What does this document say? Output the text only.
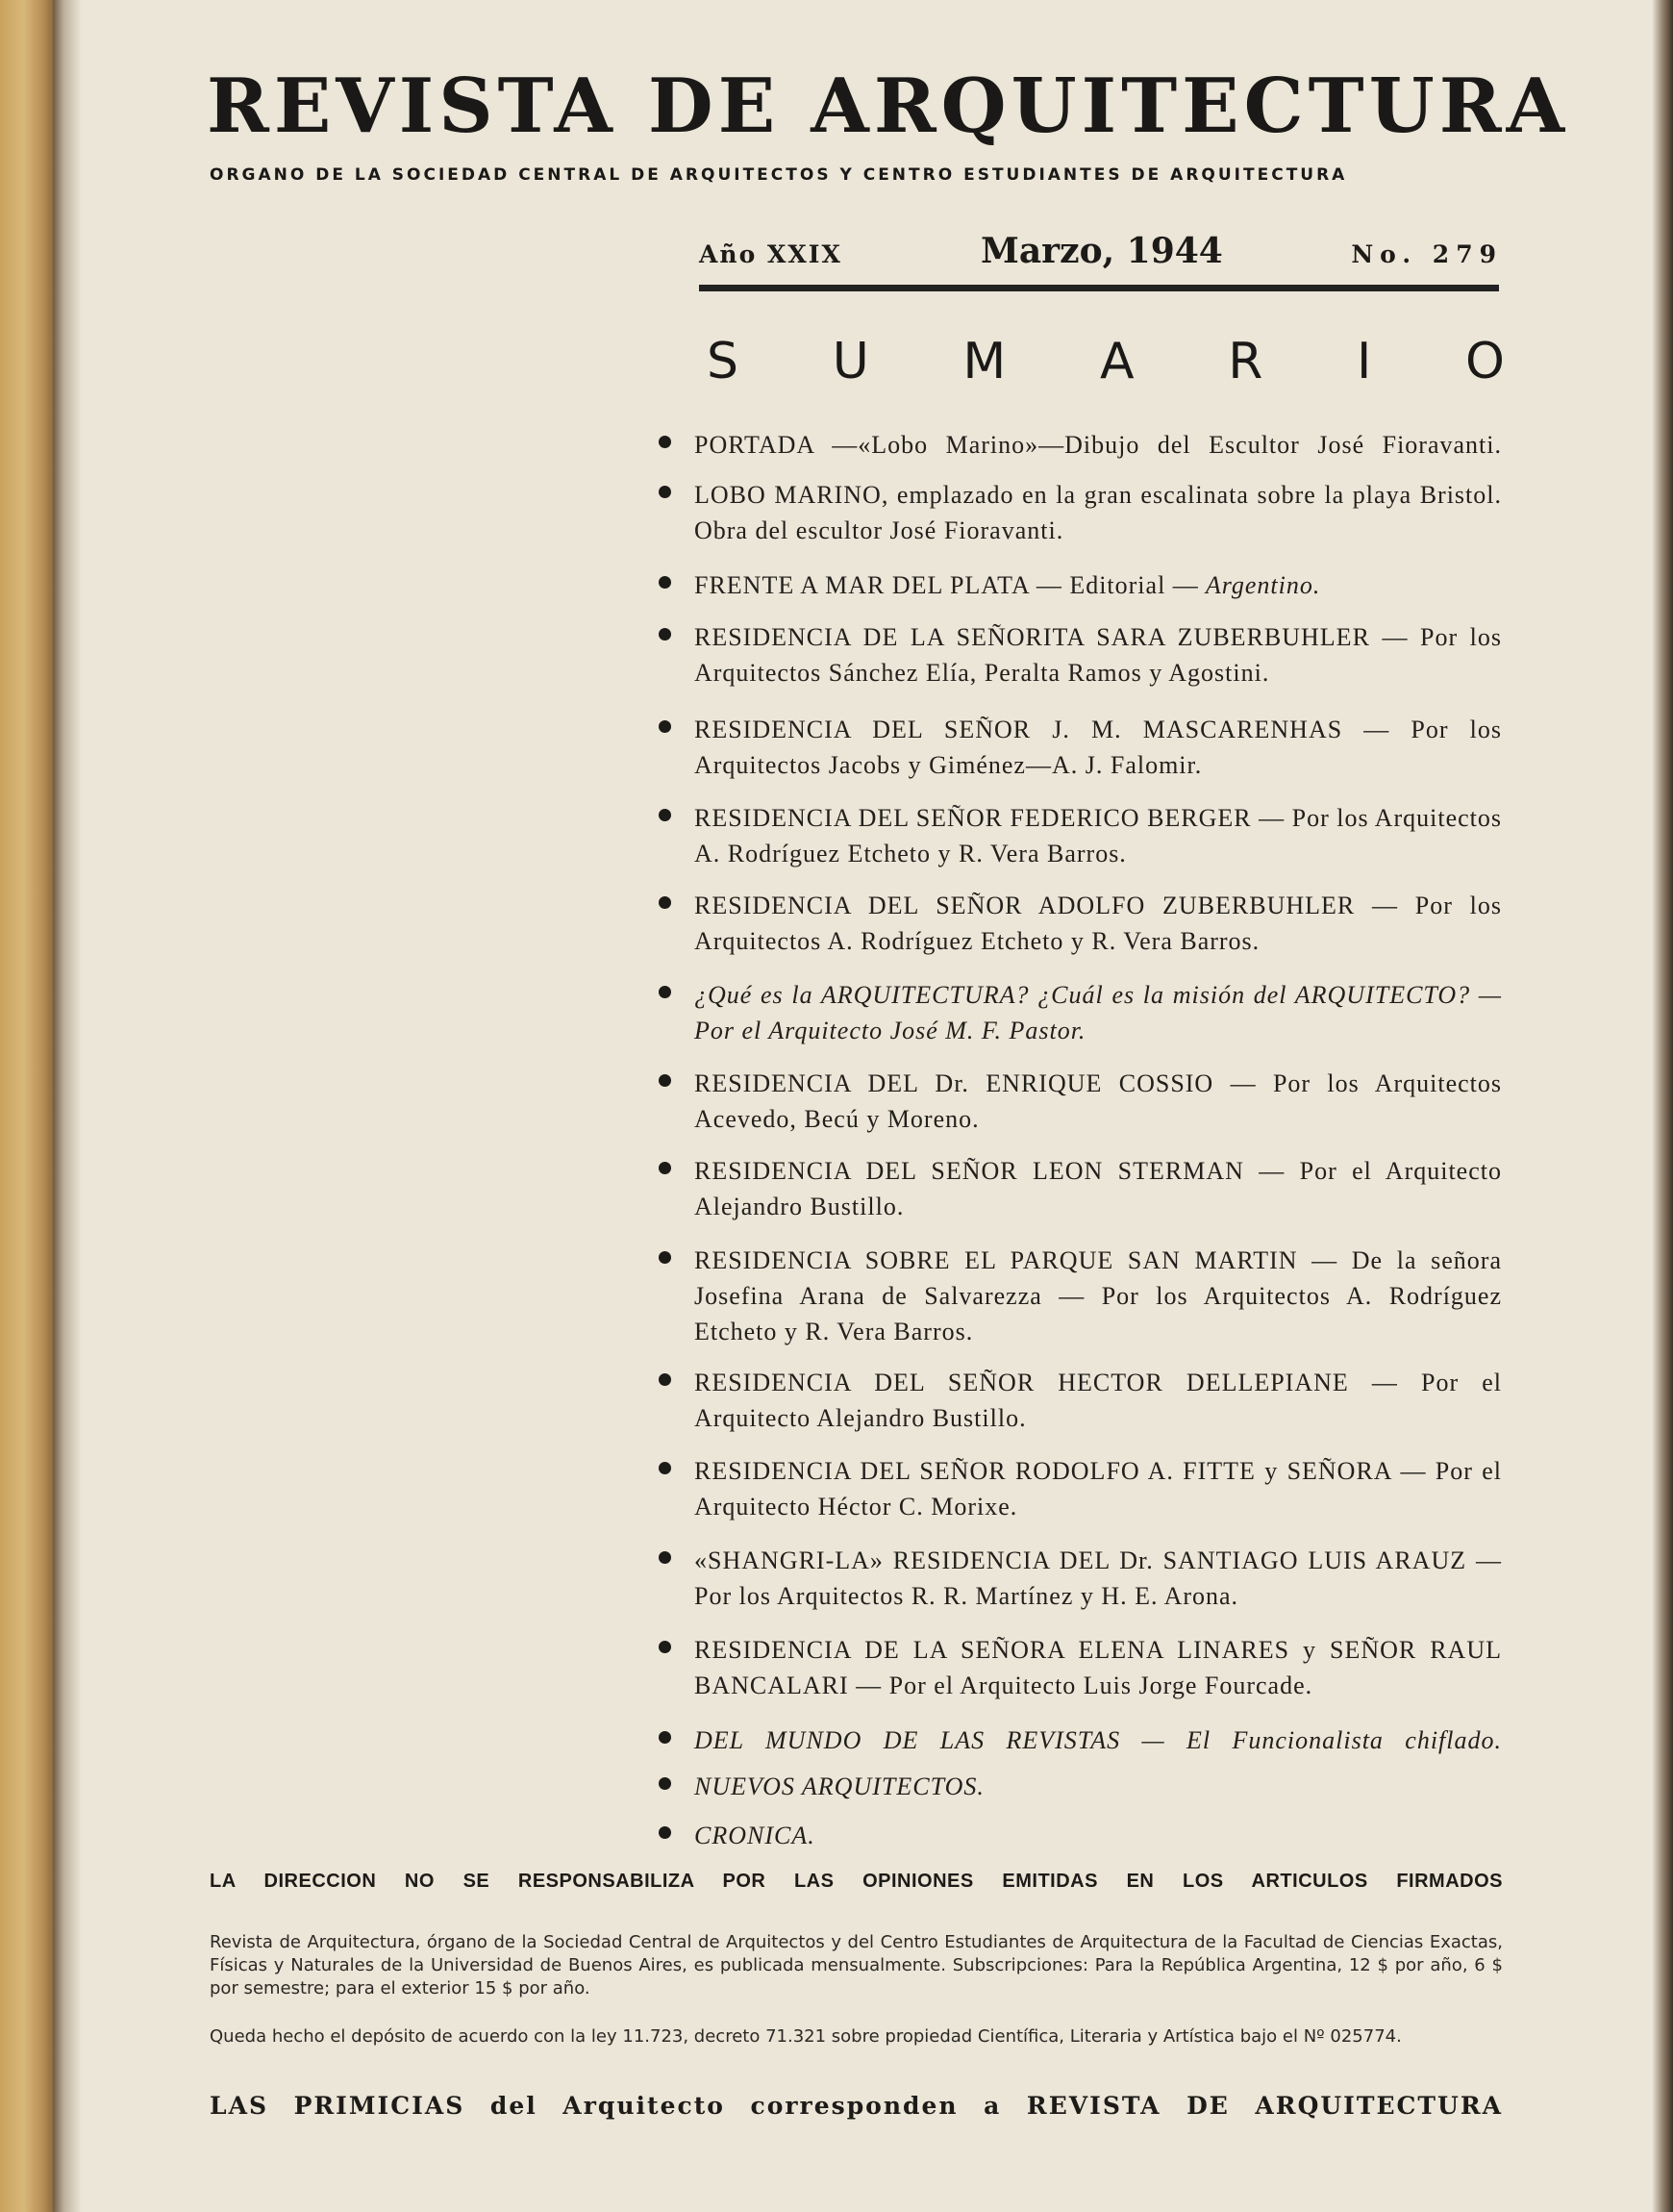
REVISTA DE ARQUITECTURA
ORGANO DE LA SOCIEDAD CENTRAL DE ARQUITECTOS Y CENTRO ESTUDIANTES DE ARQUITECTURA
Año XXIX	Marzo, 1944	No. 279
S U M A R I O
PORTADA —«Lobo Marino»—Dibujo del Escultor José Fioravanti.
LOBO MARINO, emplazado en la gran escalinata sobre la playa Bristol. Obra del escultor José Fioravanti.
FRENTE A MAR DEL PLATA — Editorial — Argentino.
RESIDENCIA DE LA SEÑORITA SARA ZUBERBUHLER — Por los Arquitectos Sánchez Elía, Peralta Ramos y Agostini.
RESIDENCIA DEL SEÑOR J. M. MASCARENHAS — Por los Arquitectos Jacobs y Giménez—A. J. Falomir.
RESIDENCIA DEL SEÑOR FEDERICO BERGER — Por los Arquitectos A. Rodríguez Etcheto y R. Vera Barros.
RESIDENCIA DEL SEÑOR ADOLFO ZUBERBUHLER — Por los Arquitectos A. Rodríguez Etcheto y R. Vera Barros.
¿Qué es la ARQUITECTURA? ¿Cuál es la misión del ARQUITECTO? — Por el Arquitecto José M. F. Pastor.
RESIDENCIA DEL Dr. ENRIQUE COSSIO — Por los Arquitectos Acevedo, Becú y Moreno.
RESIDENCIA DEL SEÑOR LEON STERMAN — Por el Arquitecto Alejandro Bustillo.
RESIDENCIA SOBRE EL PARQUE SAN MARTIN — De la señora Josefina Arana de Salvarezza — Por los Arquitectos A. Rodríguez Etcheto y R. Vera Barros.
RESIDENCIA DEL SEÑOR HECTOR DELLEPIANE — Por el Arquitecto Alejandro Bustillo.
RESIDENCIA DEL SEÑOR RODOLFO A. FITTE y SEÑORA — Por el Arquitecto Héctor C. Morixe.
«SHANGRI-LA» RESIDENCIA DEL Dr. SANTIAGO LUIS ARAUZ — Por los Arquitectos R. R. Martínez y H. E. Arona.
RESIDENCIA DE LA SEÑORA ELENA LINARES y SEÑOR RAUL BANCALARI — Por el Arquitecto Luis Jorge Fourcade.
DEL MUNDO DE LAS REVISTAS — El Funcionalista chiflado.
NUEVOS ARQUITECTOS.
CRONICA.
LA DIRECCION NO SE RESPONSABILIZA POR LAS OPINIONES EMITIDAS EN LOS ARTICULOS FIRMADOS
Revista de Arquitectura, órgano de la Sociedad Central de Arquitectos y del Centro Estudiantes de Arquitectura de la Facultad de Ciencias Exactas, Físicas y Naturales de la Universidad de Buenos Aires, es publicada mensualmente. Subscripciones: Para la República Argentina, 12 $ por año, 6 $ por semestre; para el exterior 15 $ por año.
Queda hecho el depósito de acuerdo con la ley 11.723, decreto 71.321 sobre propiedad Científica, Literaria y Artística bajo el Nº 025774.
LAS PRIMICIAS del Arquitecto corresponden a REVISTA DE ARQUITECTURA
